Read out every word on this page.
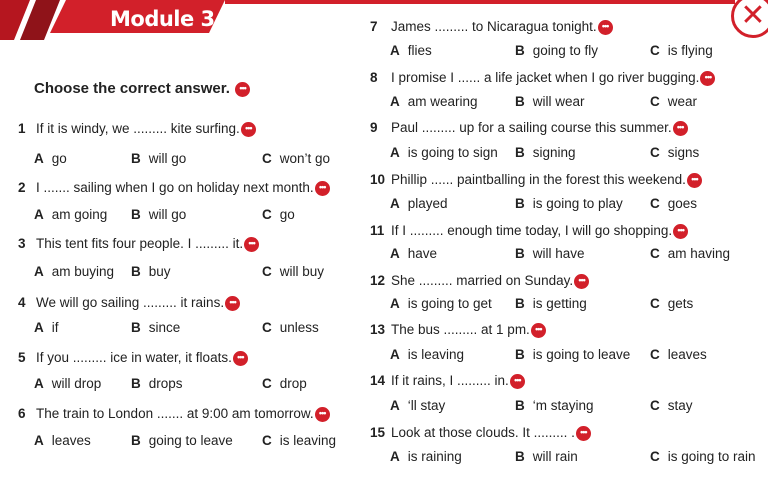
Module 3	✕
Choose the correct answer. •••
1 If it is windy, we ......... kite surfing. •••
A go	B will go	C won’t go
2 I ....... sailing when I go on holiday next month. •••
A am going B will go	C go
3 This tent fits four people. I ......... it. •••
A am buying B buy	C will buy
4 We will go sailing ......... it rains. •••
A if	B since	C unless
5 If you ......... ice in water, it floats. •••
A will drop B drops	C drop
6 The train to London ....... at 9:00 am tomorrow. •••
A leaves	B going to leave C is leaving
7 James ......... to Nicaragua tonight. •••
A flies	B going to fly	C is flying
8 I promise I ...... a life jacket when I go river bugging. •••
A am wearing	B will wear	C wear
9 Paul ......... up for a sailing course this summer. •••
A is going to sign B signing	C signs
10 Phillip ...... paintballing in the forest this weekend. •••
A played	B is going to play C goes
11 If I ......... enough time today, I will go shopping. •••
A have	B will have	C am having
12 She ......... married on Sunday. •••
A is going to get B is getting	C gets
13 The bus ......... at 1 pm. •••
A is leaving	B is going to leave C leaves
14 If it rains, I ......... in. •••
A ‘ll stay	B ‘m staying	C stay
15 Look at those clouds. It ......... . •••
A is raining	B will rain	C is going to rain
